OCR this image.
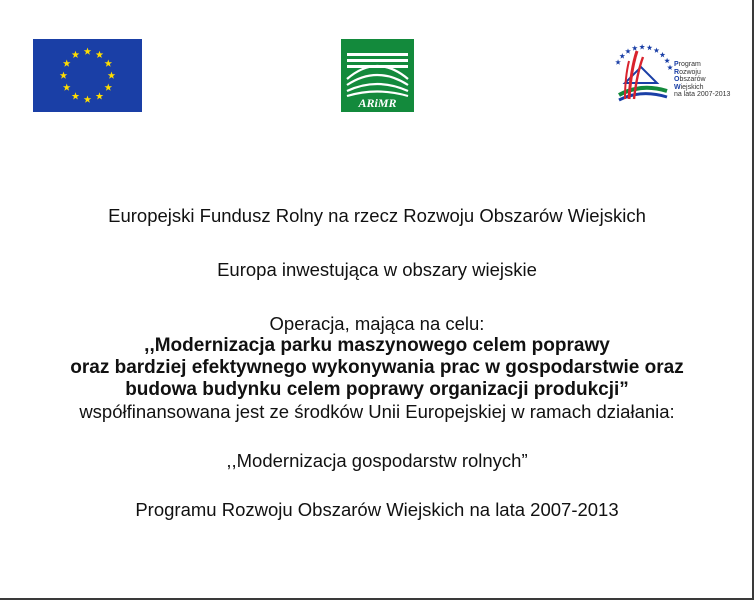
ARiMR
Program
Rozwoju
Obszarów
Wiejskich
na lata 2007-2013
Europejski Fundusz Rolny na rzecz Rozwoju Obszarów Wiejskich
Europa inwestująca w obszary wiejskie
Operacja, mająca na celu:
,,Modernizacja parku maszynowego celem poprawy
oraz bardziej efektywnego wykonywania prac w gospodarstwie oraz
budowa budynku celem poprawy organizacji produkcji”
współfinansowana jest ze środków Unii Europejskiej w ramach działania:
,,Modernizacja gospodarstw rolnych”
Programu Rozwoju Obszarów Wiejskich na lata 2007-2013
